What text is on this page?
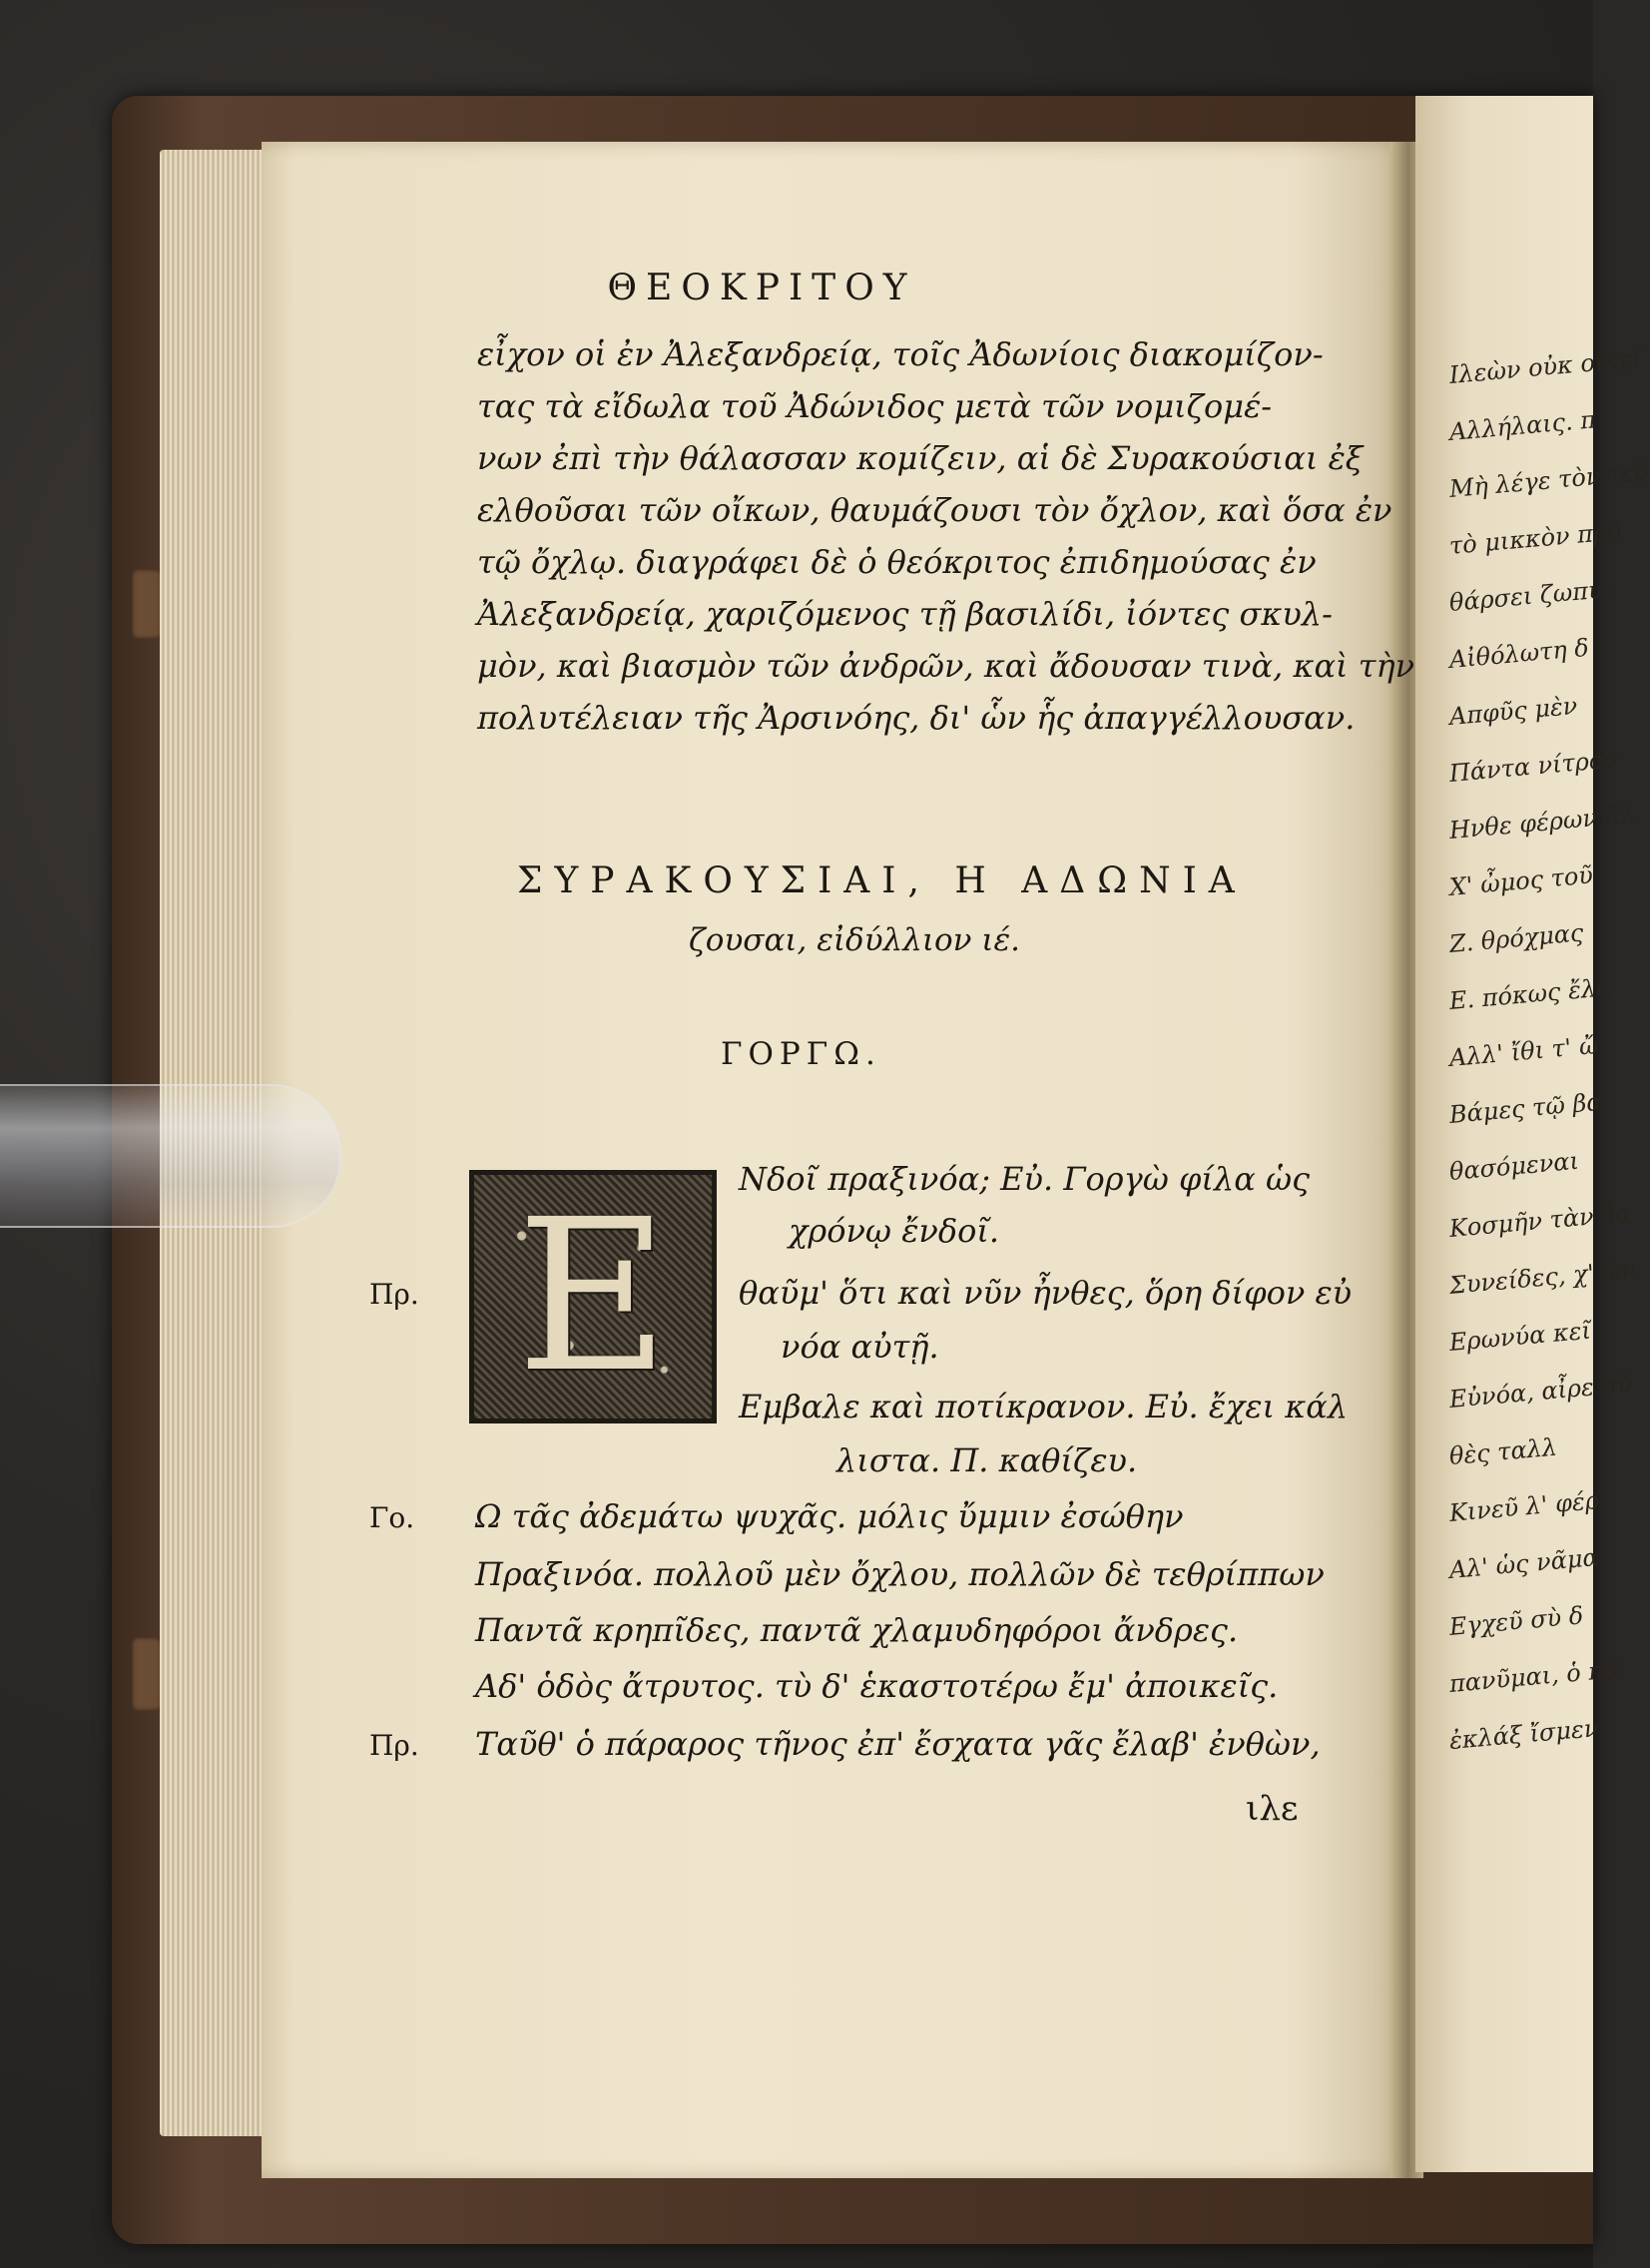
ΘΕΟΚΡΙΤΟΥ
εἶχον οἱ ἐν Ἀλεξανδρείᾳ, τοῖς Ἀδωνίοις διακομίζον-
τας τὰ εἴδωλα τοῦ Ἀδώνιδος μετὰ τῶν νομιζομέ-
νων ἐπὶ τὴν θάλασσαν κομίζειν, αἱ δὲ Συρακούσιαι ἐξ
ελθοῦσαι τῶν οἴκων, θαυμάζουσι τὸν ὄχλον, καὶ ὅσα ἐν
τῷ ὄχλῳ. διαγράφει δὲ ὁ θεόκριτος ἐπιδημούσας ἐν
Ἀλεξανδρείᾳ, χαριζόμενος τῇ βασιλίδι, ἰόντες σκυλ-
μὸν, καὶ βιασμὸν τῶν ἀνδρῶν, καὶ ἄδουσαν τινὰ, καὶ τὴν
πολυτέλειαν τῆς Ἀρσινόης, δι' ὧν ἧς ἀπαγγέλλουσαν.
ΣΥΡΑΚΟΥΣΙΑΙ, Η ΑΔΩΝΙΑ
ζουσαι, εἰδύλλιον ιέ.
ΓΟΡΓΩ.
E	Νδοῖ πραξινόα; Εὐ. Γοργὼ φίλα ὡς
χρόνῳ ἔνδοῖ.
Πρ.	θαῦμ' ὅτι καὶ νῦν ἦνθες, ὅρη δίφον εὐ
νόα αὐτῇ.
Εμβαλε καὶ ποτίκρανον. Εὐ. ἔχει κάλ
λιστα. Π. καθίζευ.
Γο. Ω τᾶς ἀδεμάτω ψυχᾶς. μόλις ὔμμιν ἐσώθην
Πραξινόα. πολλοῦ μὲν ὄχλου, πολλῶν δὲ τεθρίππων
Παντᾶ κρηπῖδες, παντᾶ χλαμυδηφόροι ἄνδρες.
Αδ' ὁδὸς ἄτρυτος. τὺ δ' ἑκαστοτέρω ἔμ' ἀποικεῖς.
Πρ. Ταῦθ' ὁ πάραρος τῆνος ἐπ' ἔσχατα γᾶς ἔλαβ' ἐνθὼν,
ιλε
Ιλεὼν οὐκ οἰκεῖ
Αλλήλαις. π
Μὴ λέγε τὸν τεὸ
τὸ μικκὸν πρό
θάρσει ζωπυρ
Αἰθόλωτη δ
Απφῦς μὲν
Πάντα νίτρον
Ηνθε φέρων ἄλ
Χ' ὦμος τοῦ
Ζ. θρόχμας
Ε. πόκως ἔλα
Αλλ' ἴθι τ' ὤ
Βάμες τῷ βα
θασόμεναι
Κοσμῆν τὰν βα
Συνείδες, χ' ὧν
Ερωνύα κεῖ
Εὐνόα, αἶρε σὺ
θὲς ταλλ
Κινεῦ λ' φέρ
Αλ' ὡς νᾶμα
Εγχεῦ σὺ δ
πανῦμαι, ὁ πᾶ
ἐκλάξ ἴσμεν
